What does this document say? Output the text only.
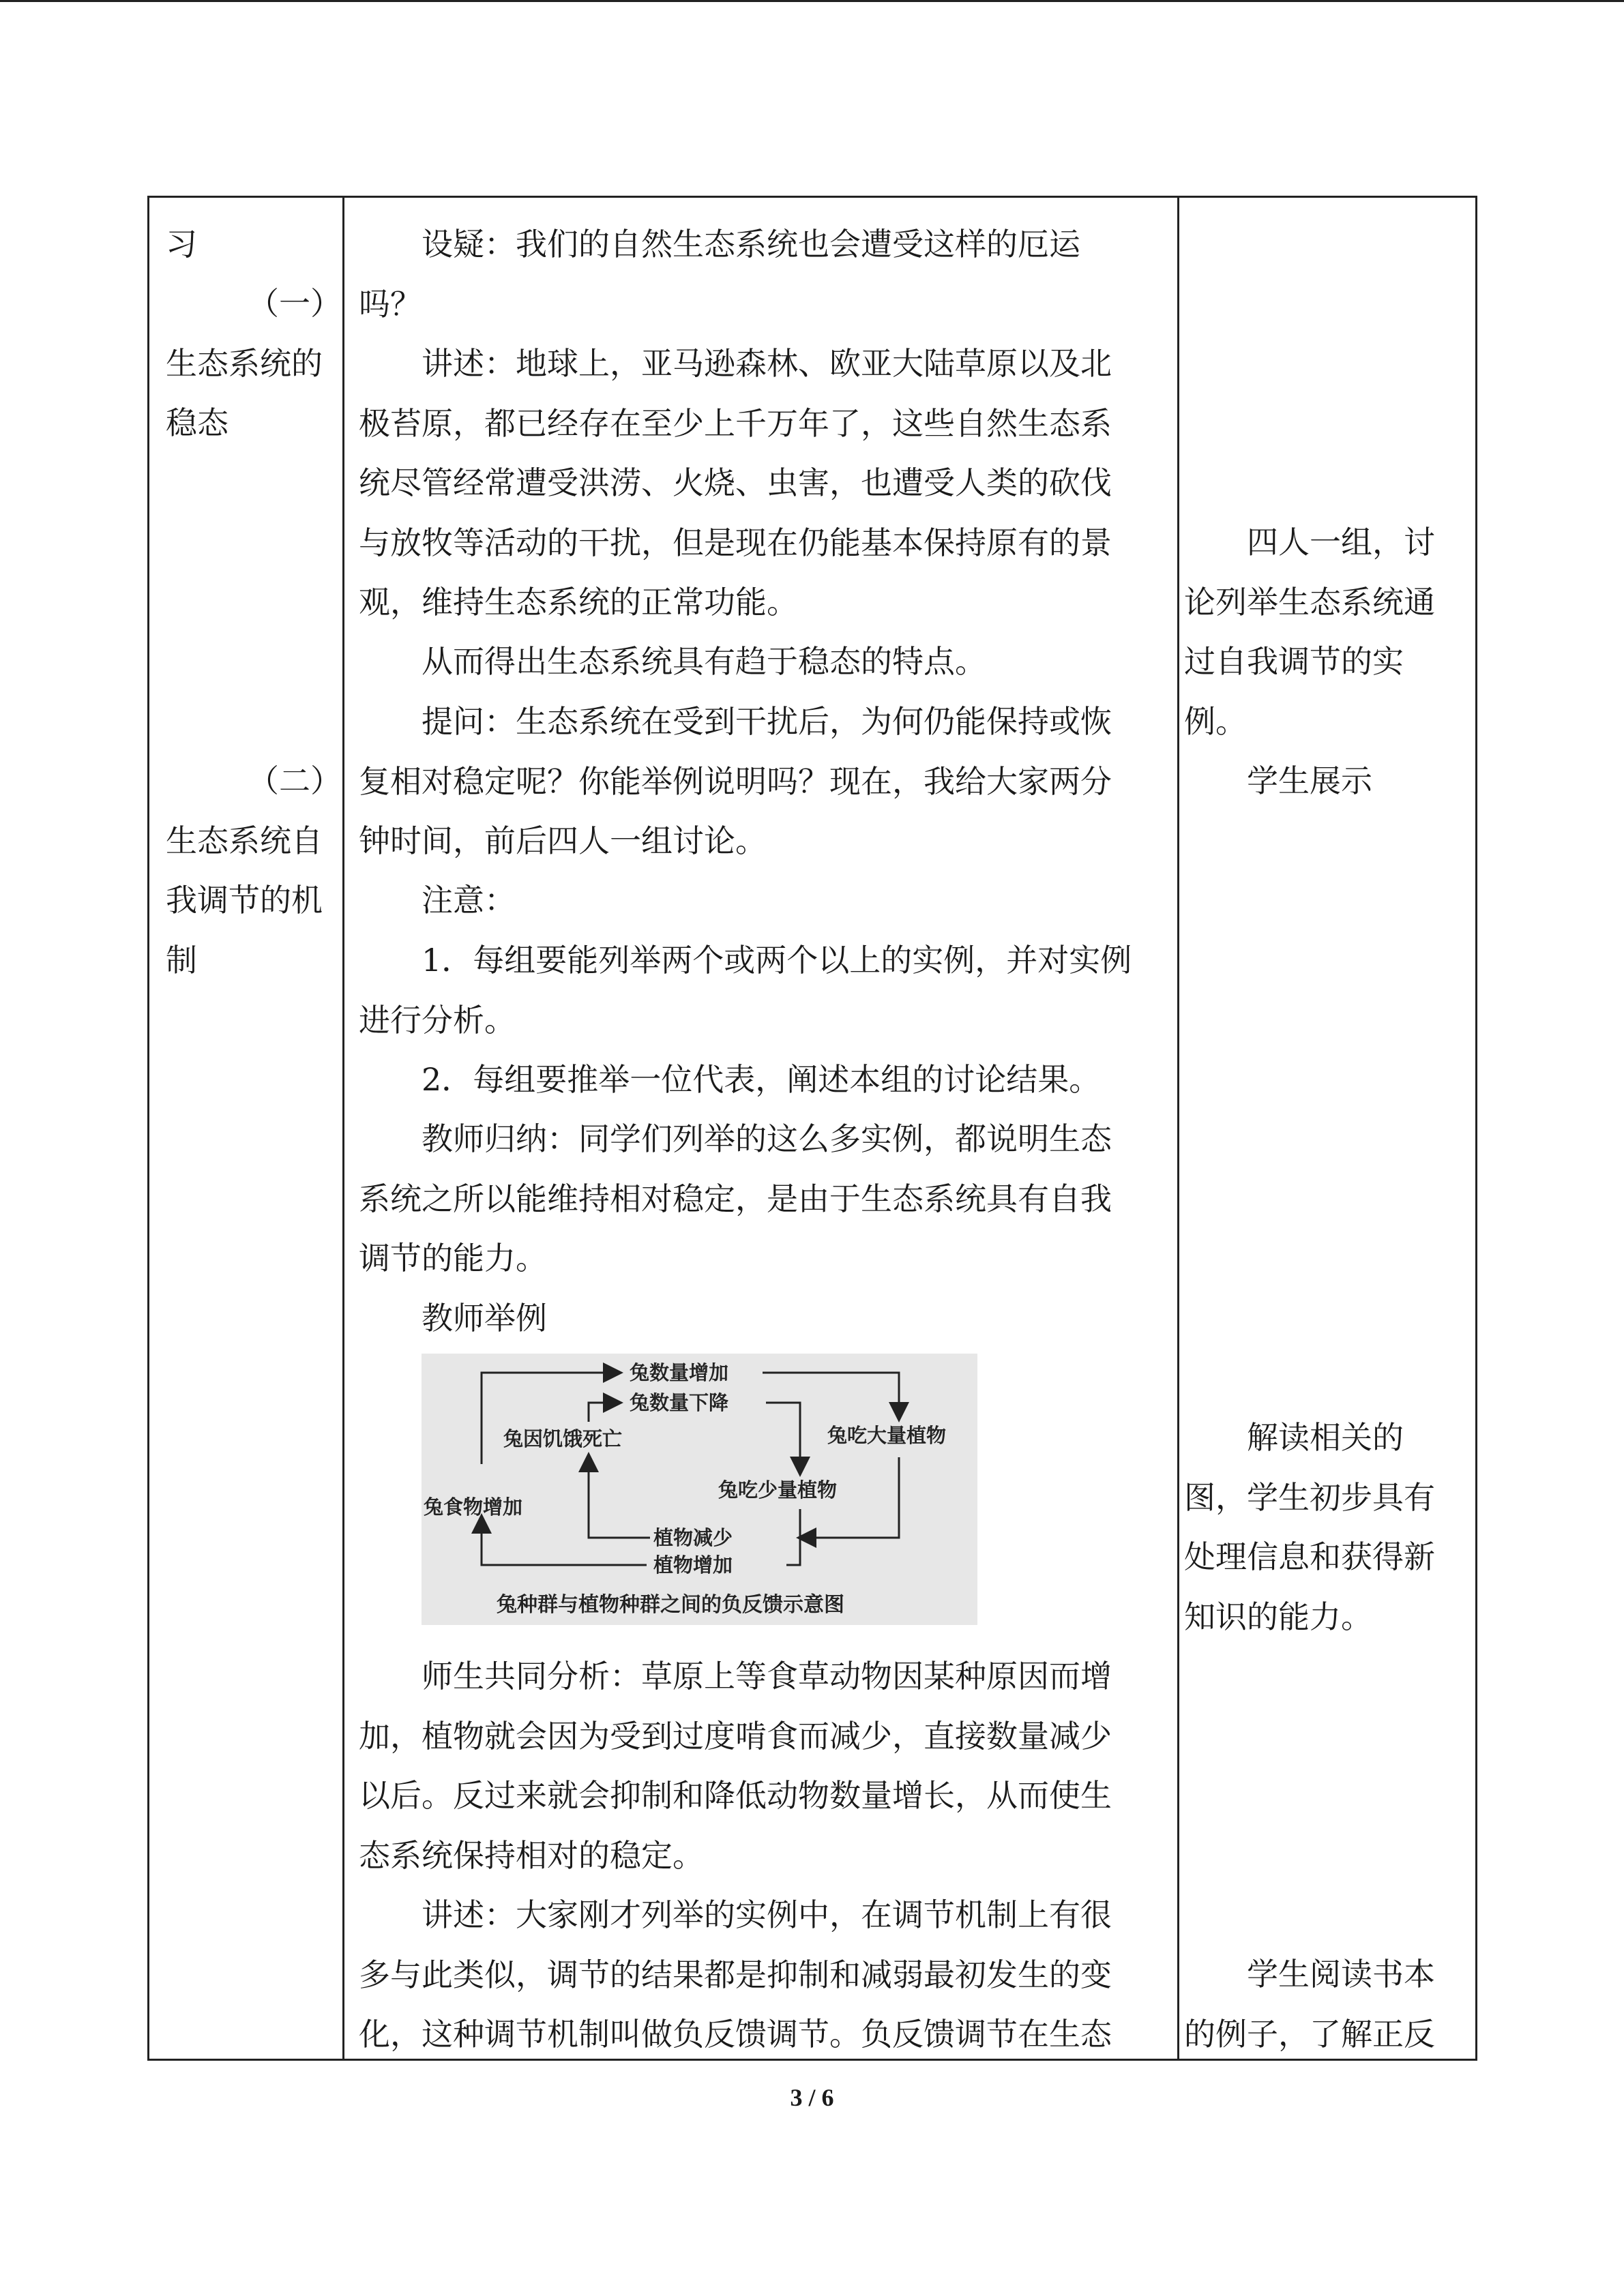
习
（一）
生态系统的
稳态
（二）
生态系统自
我调节的机
制
设疑：我们的自然生态系统也会遭受这样的厄运
吗？
讲述：地球上，亚马逊森林、欧亚大陆草原以及北
极苔原，都已经存在至少上千万年了，这些自然生态系
统尽管经常遭受洪涝、火烧、虫害，也遭受人类的砍伐
与放牧等活动的干扰，但是现在仍能基本保持原有的景
观，维持生态系统的正常功能。
从而得出生态系统具有趋于稳态的特点。
提问：生态系统在受到干扰后，为何仍能保持或恢
复相对稳定呢？你能举例说明吗？现在，我给大家两分
钟时间，前后四人一组讨论。
注意：
1．每组要能列举两个或两个以上的实例，并对实例
进行分析。
2．每组要推举一位代表，阐述本组的讨论结果。
教师归纳：同学们列举的这么多实例，都说明生态
系统之所以能维持相对稳定，是由于生态系统具有自我
调节的能力。
教师举例
师生共同分析：草原上等食草动物因某种原因而增
加，植物就会因为受到过度啃食而减少，直接数量减少
以后。反过来就会抑制和降低动物数量增长，从而使生
态系统保持相对的稳定。
讲述：大家刚才列举的实例中，在调节机制上有很
多与此类似，调节的结果都是抑制和减弱最初发生的变
化，这种调节机制叫做负反馈调节。负反馈调节在生态
四人一组，讨
论列举生态系统通
过自我调节的实
例。
学生展示
解读相关的
图，学生初步具有
处理信息和获得新
知识的能力。
学生阅读书本
的例子，了解正反
兔数量增加
兔数量下降
兔吃大量植物
兔因饥饿死亡
兔吃少量植物
兔食物增加
植物减少
植物增加
兔种群与植物种群之间的负反馈示意图
3 / 6
